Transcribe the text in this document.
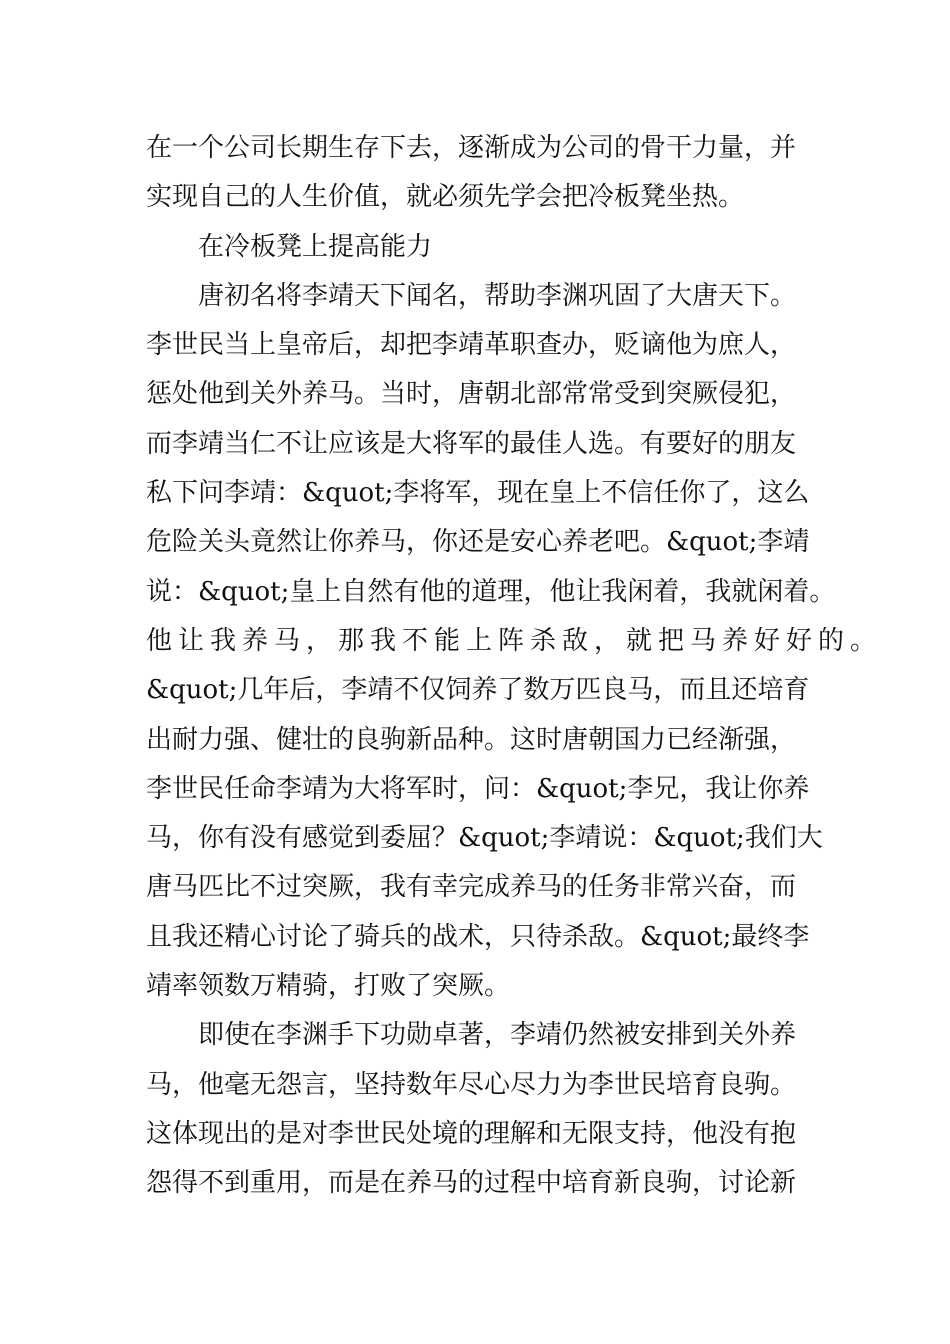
在一个公司长期生存下去，逐渐成为公司的骨干力量，并
实现自己的人生价值，就必须先学会把冷板凳坐热。
在冷板凳上提高能力
唐初名将李靖天下闻名，帮助李渊巩固了大唐天下。
李世民当上皇帝后，却把李靖革职查办，贬谪他为庶人，
惩处他到关外养马。当时，唐朝北部常常受到突厥侵犯，
而李靖当仁不让应该是大将军的最佳人选。有要好的朋友
私下问李靖：&quot;李将军，现在皇上不信任你了，这么
危险关头竟然让你养马，你还是安心养老吧。&quot;李靖
说：&quot;皇上自然有他的道理，他让我闲着，我就闲着。
他让我养马，那我不能上阵杀敌，就把马养好好的。
&quot;几年后，李靖不仅饲养了数万匹良马，而且还培育
出耐力强、健壮的良驹新品种。这时唐朝国力已经渐强，
李世民任命李靖为大将军时，问：&quot;李兄，我让你养
马，你有没有感觉到委屈？&quot;李靖说：&quot;我们大
唐马匹比不过突厥，我有幸完成养马的任务非常兴奋，而
且我还精心讨论了骑兵的战术，只待杀敌。&quot;最终李
靖率领数万精骑，打败了突厥。
即使在李渊手下功勋卓著，李靖仍然被安排到关外养
马，他毫无怨言，坚持数年尽心尽力为李世民培育良驹。
这体现出的是对李世民处境的理解和无限支持，他没有抱
怨得不到重用，而是在养马的过程中培育新良驹，讨论新
